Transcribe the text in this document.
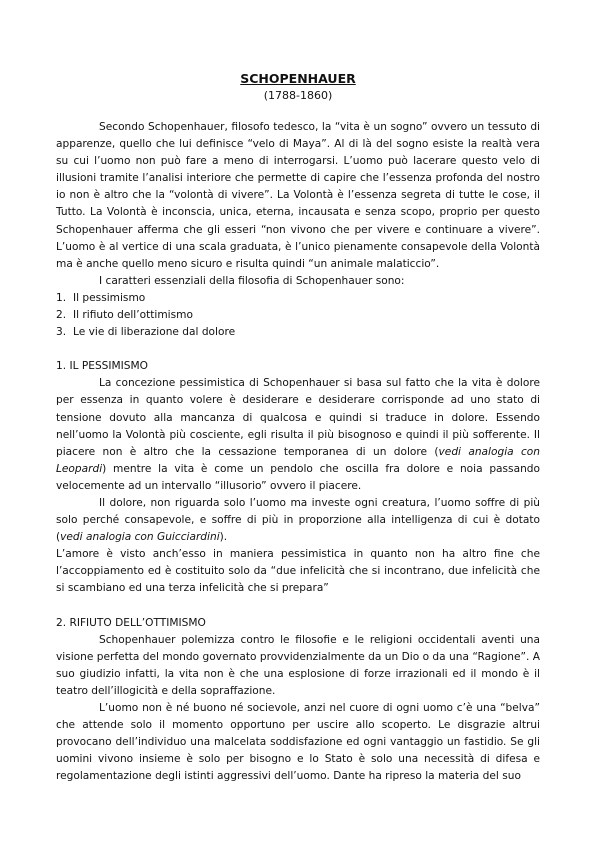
SCHOPENHAUER
(1788-1860)

Secondo Schopenhauer, filosofo tedesco, la “vita è un sogno” ovvero un tessuto di apparenze, quello che lui definisce “velo di Maya”. Al di là del sogno esiste la realtà vera su cui l’uomo non può fare a meno di interrogarsi. L’uomo può lacerare questo velo di illusioni tramite l’analisi interiore che permette di capire che l’essenza profonda del nostro io non è altro che la “volontà di vivere”. La Volontà è l’essenza segreta di tutte le cose, il Tutto. La Volontà è inconscia, unica, eterna, incausata e senza scopo, proprio per questo Schopenhauer afferma che gli esseri “non vivono che per vivere e continuare a vivere”. L’uomo è al vertice di una scala graduata, è l’unico pienamente consapevole della Volontà ma è anche quello meno sicuro e risulta quindi “un animale malaticcio”.

I caratteri essenziali della filosofia di Schopenhauer sono:

1. Il pessimismo
2. Il rifiuto dell’ottimismo
3. Le vie di liberazione dal dolore

1. IL PESSIMISMO

La concezione pessimistica di Schopenhauer si basa sul fatto che la vita è dolore per essenza in quanto volere è desiderare e desiderare corrisponde ad uno stato di tensione dovuto alla mancanza di qualcosa e quindi si traduce in dolore. Essendo nell’uomo la Volontà più cosciente, egli risulta il più bisognoso e quindi il più sofferente. Il piacere non è altro che la cessazione temporanea di un dolore (vedi analogia con Leopardi) mentre la vita è come un pendolo che oscilla fra dolore e noia passando velocemente ad un intervallo “illusorio” ovvero il piacere.

Il dolore, non riguarda solo l’uomo ma investe ogni creatura, l’uomo soffre di più solo perché consapevole, e soffre di più in proporzione alla intelligenza di cui è dotato (vedi analogia con Guicciardini).

L’amore è visto anch’esso in maniera pessimistica in quanto non ha altro fine che l’accoppiamento ed è costituito solo da “due infelicità che si incontrano, due infelicità che si scambiano ed una terza infelicità che si prepara”

2. RIFIUTO DELL’OTTIMISMO

Schopenhauer polemizza contro le filosofie e le religioni occidentali aventi una visione perfetta del mondo governato provvidenzialmente da un Dio o da una “Ragione”. A suo giudizio infatti, la vita non è che una esplosione di forze irrazionali ed il mondo è il teatro dell’illogicità e della sopraffazione.

L’uomo non è né buono né socievole, anzi nel cuore di ogni uomo c’è una “belva” che attende solo il momento opportuno per uscire allo scoperto. Le disgrazie altrui provocano dell’individuo una malcelata soddisfazione ed ogni vantaggio un fastidio. Se gli uomini vivono insieme è solo per bisogno e lo Stato è solo una necessità di difesa e regolamentazione degli istinti aggressivi dell’uomo. Dante ha ripreso la materia del suo
